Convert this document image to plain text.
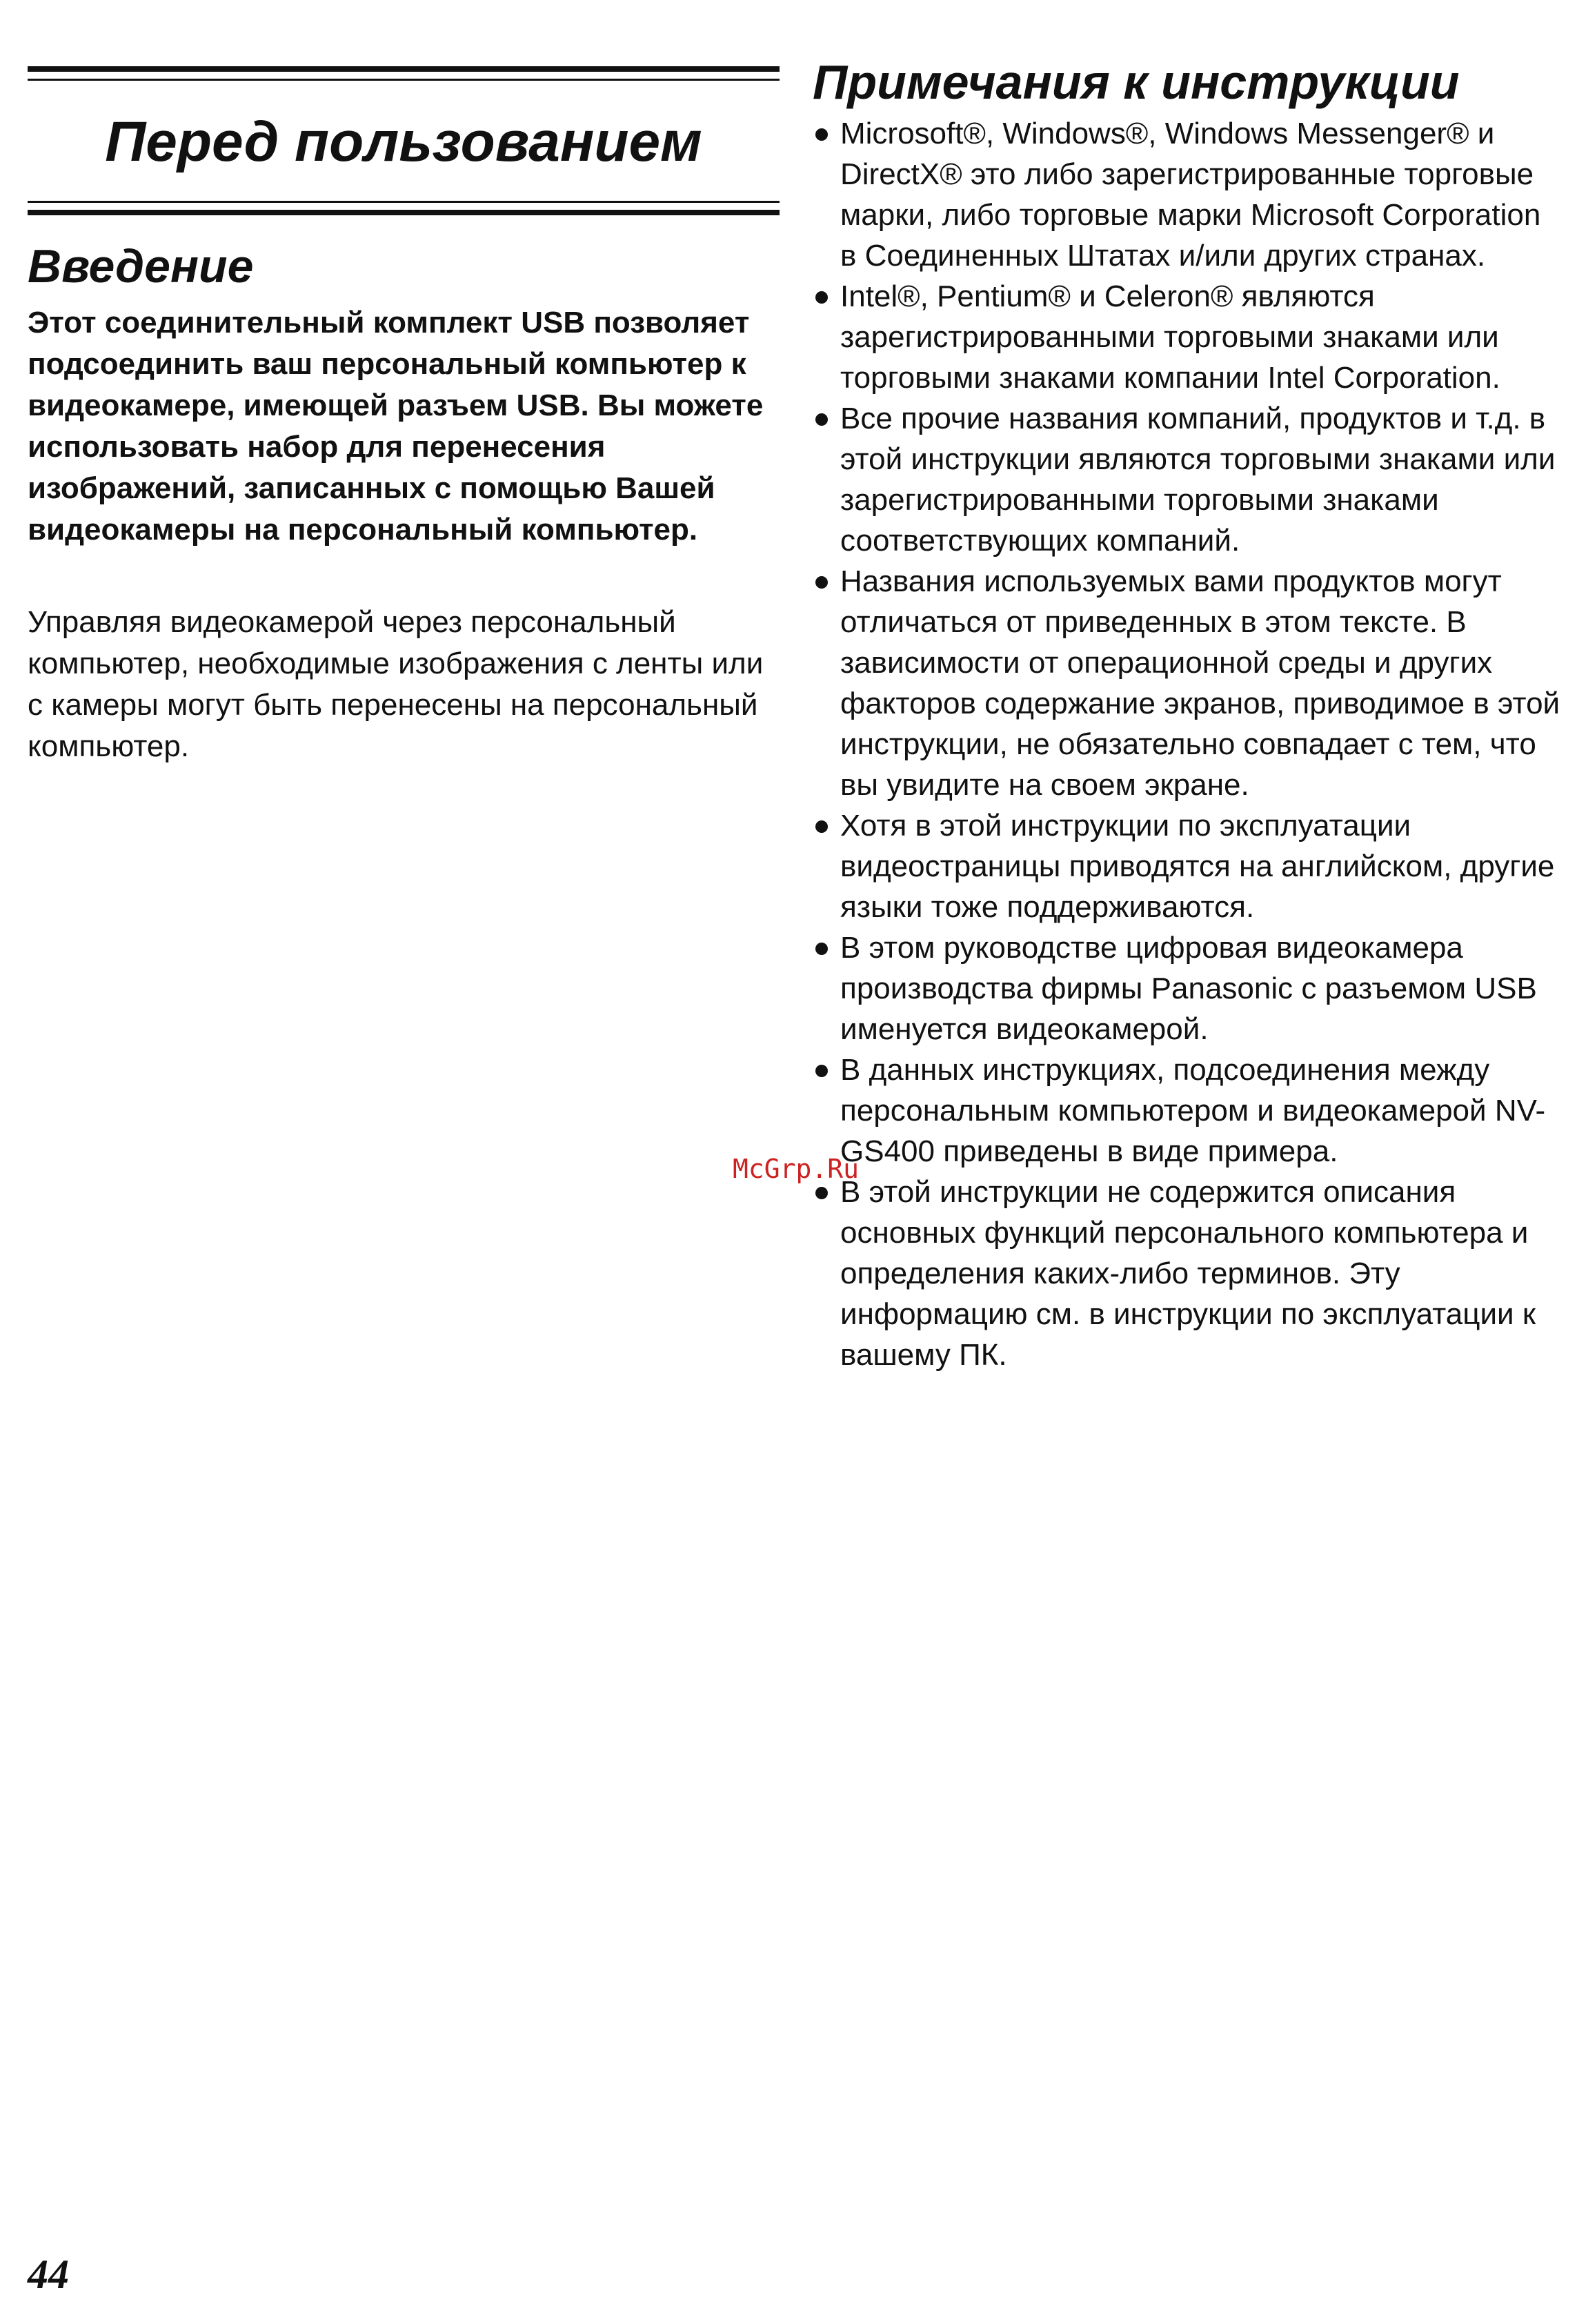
Перед пользованием
Введение

Этот соединительный комплект USB позволяет подсоединить ваш персональный компьютер к видеокамере, имеющей разъем USB. Вы можете использовать набор для перенесения изображений, записанных с помощью Вашей видеокамеры на персональный компьютер.

Управляя видеокамерой через персональный компьютер, необходимые изображения с ленты или с камеры могут быть перенесены на персональный компьютер.

Примечания к инструкции
Microsoft®, Windows®, Windows Messenger® и DirectX® это либо зарегистрированные торговые марки, либо торговые марки Microsoft Corporation в Соединенных Штатах и/или других странах.
Intel®, Pentium® и Celeron® являются зарегистрированными торговыми знаками или торговыми знаками компании Intel Corporation.
Все прочие названия компаний, продуктов и т.д. в этой инструкции являются торговыми знаками или зарегистрированными торговыми знаками соответствующих компаний.
Названия используемых вами продуктов могут отличаться от приведенных в этом тексте. В зависимости от операционной среды и других факторов содержание экранов, приводимое в этой инструкции, не обязательно совпадает с тем, что вы увидите на своем экране.
Хотя в этой инструкции по эксплуатации видеостраницы приводятся на английском, другие языки тоже поддерживаются.
В этом руководстве цифровая видеокамера производства фирмы Panasonic с разъемом USB именуется видеокамерой.
В данных инструкциях, подсоединения между персональным компьютером и видеокамерой NV-GS400 приведены в виде примера.
В этой инструкции не содержится описания основных функций персонального компьютера и определения каких-либо терминов. Эту информацию см. в инструкции по эксплуатации к вашему ПК.
McGrp.Ru
44
